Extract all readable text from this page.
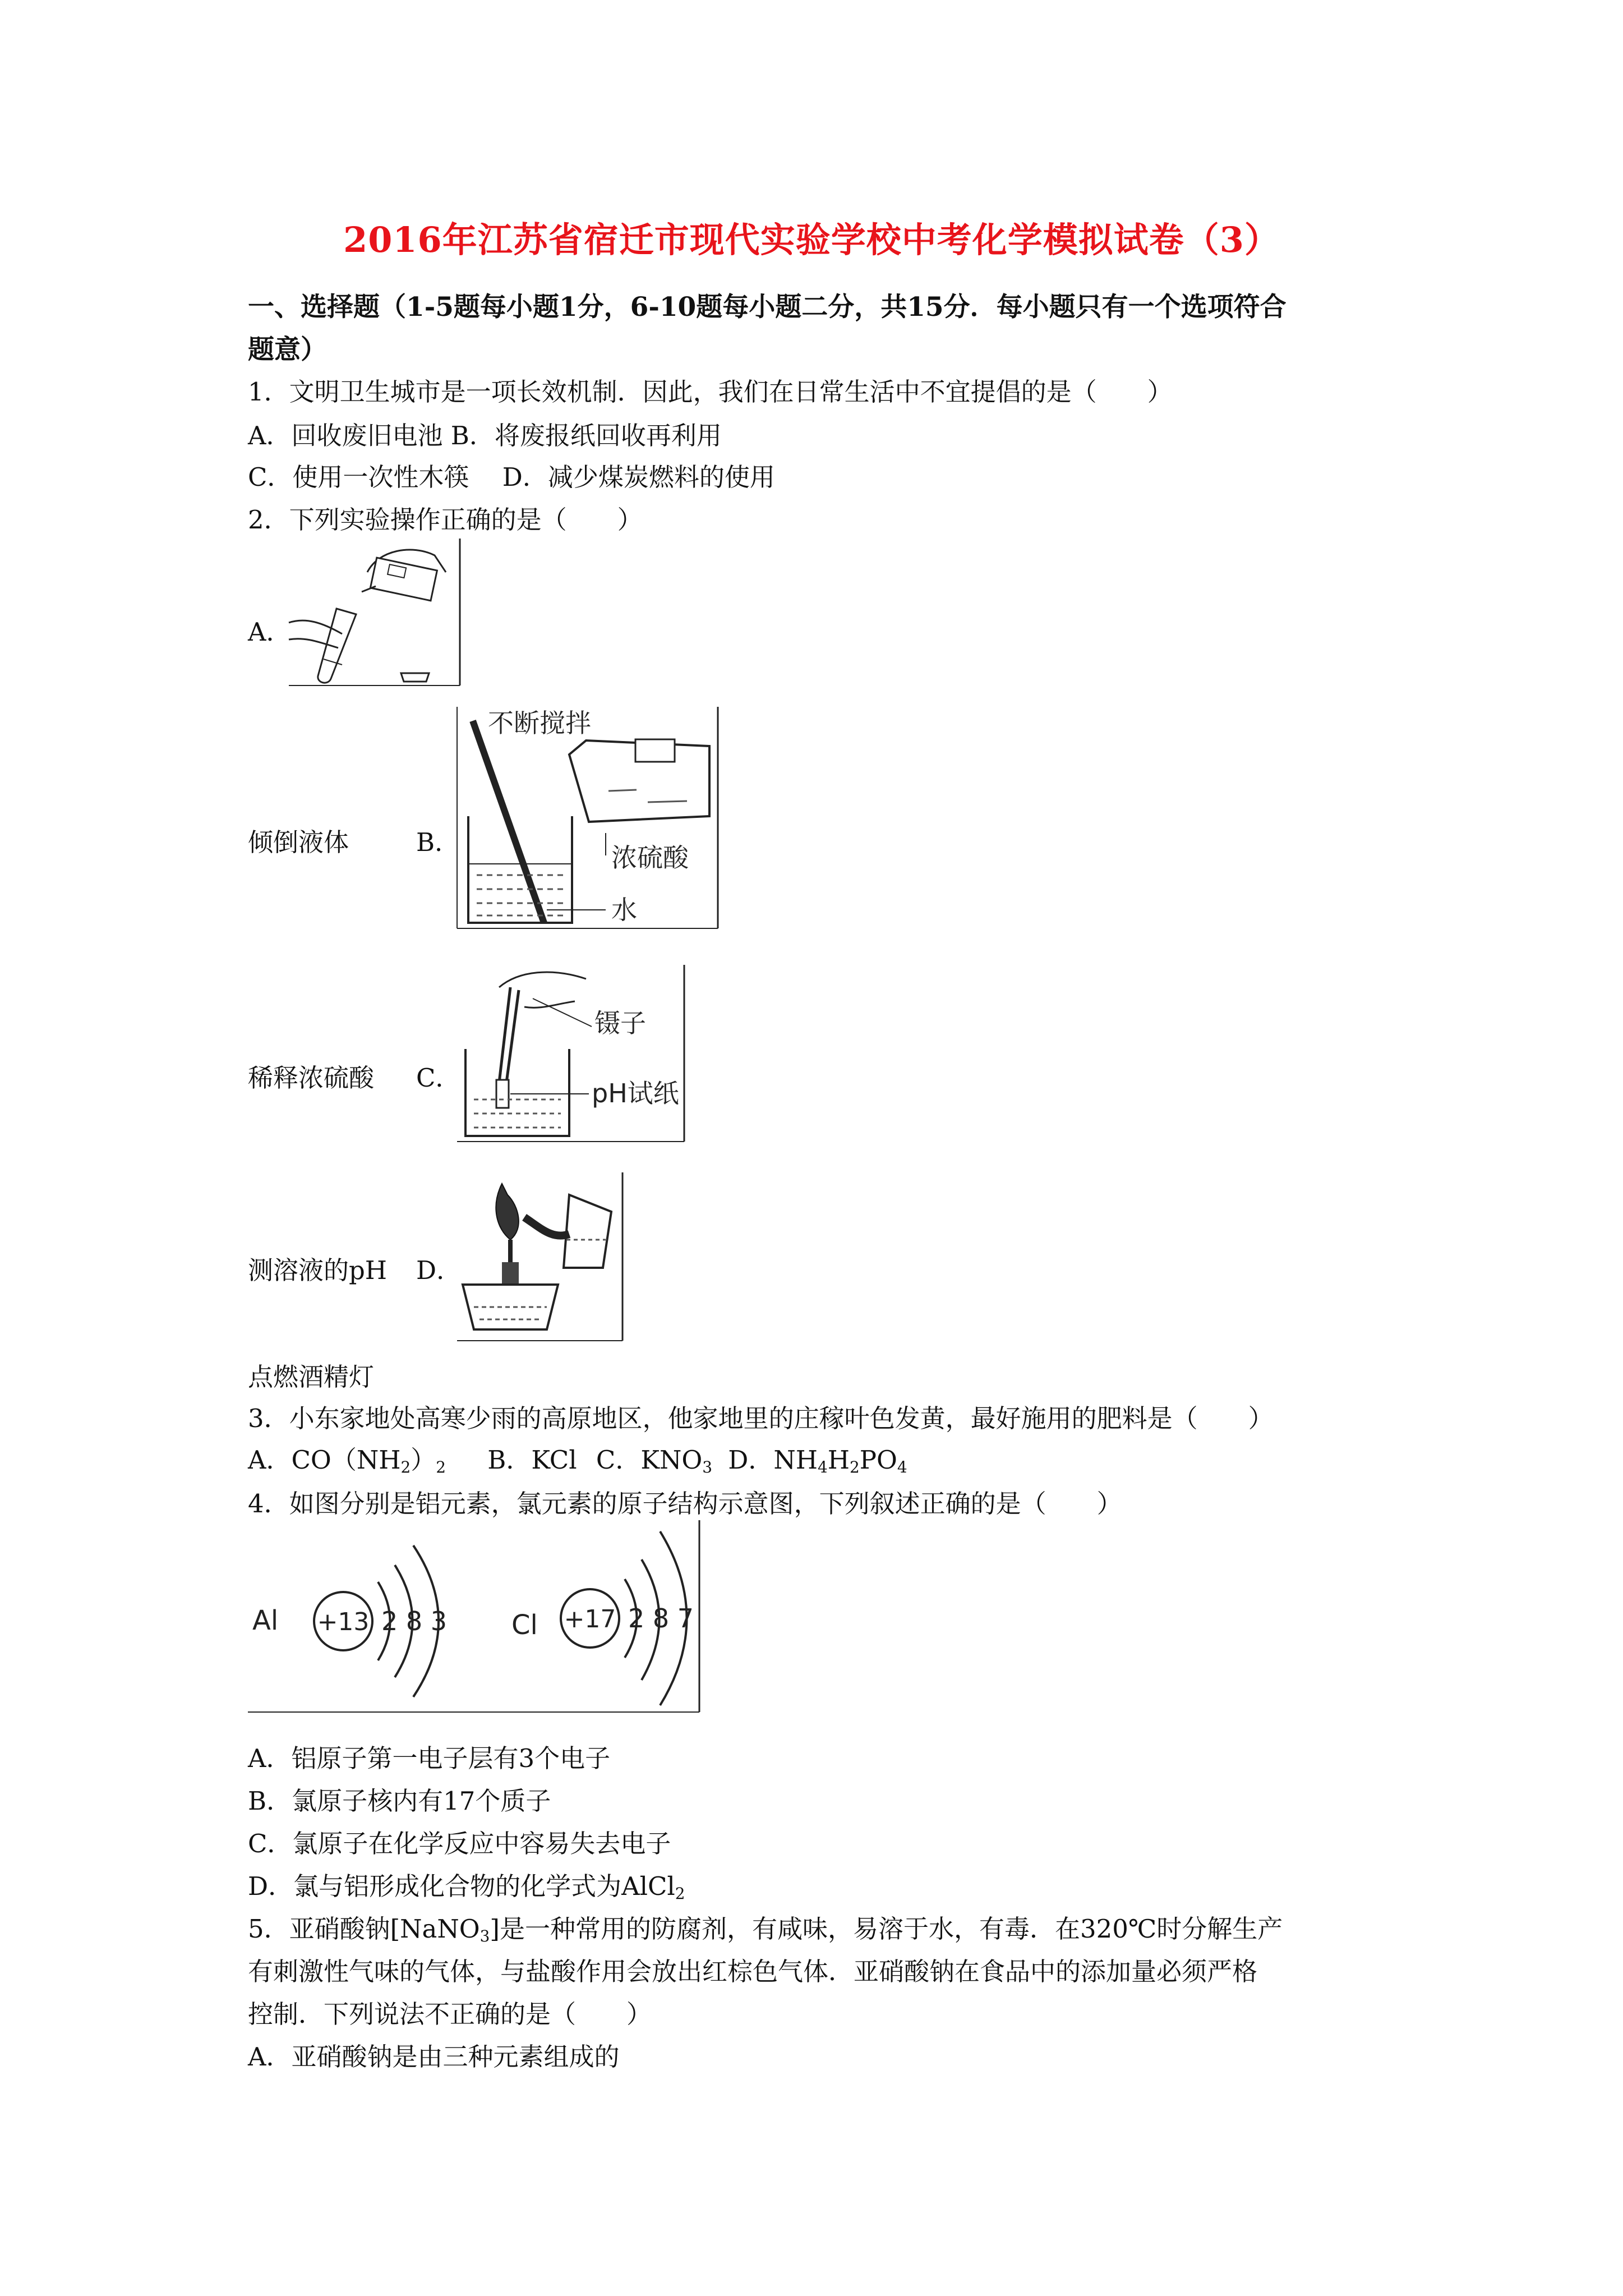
2016年江苏省宿迁市现代实验学校中考化学模拟试卷（3）
一、选择题（1-5题每小题1分，6-10题每小题二分，共15分．每小题只有一个选项符合
题意）
1．文明卫生城市是一项长效机制．因此，我们在日常生活中不宜提倡的是（　　）
A．回收废旧电池 B．将废报纸回收再利用
C．使用一次性木筷　 D．减少煤炭燃料的使用
2．下列实验操作正确的是（　　）
A．
倾倒液体	B．
不断搅拌
浓硫酸
水
稀释浓硫酸 C．
镊子
pH试纸
测溶液的pH D．
点燃酒精灯
3．小东家地处高寒少雨的高原地区，他家地里的庄稼叶色发黄，最好施用的肥料是（　　）
A．$CO(NH_2)_2$ B．KCl C．$KNO_3$ D．$NH_4H_2PO_4$
4．如图分别是铝元素，氯元素的原子结构示意图，下列叙述正确的是（　　）
Al +13 2 8 3 Cl +17 2 8 7
A．铝原子第一电子层有3个电子
B．氯原子核内有17个质子
C．氯原子在化学反应中容易失去电子
D．氯与铝形成化合物的化学式为AlCl$_2$
5．亚硝酸钠[NaNO$_3$]是一种常用的防腐剂，有咸味，易溶于水，有毒．在320℃时分解生产
有刺激性气味的气体，与盐酸作用会放出红棕色气体．亚硝酸钠在食品中的添加量必须严格
控制．下列说法不正确的是（　　）
A．亚硝酸钠是由三种元素组成的
